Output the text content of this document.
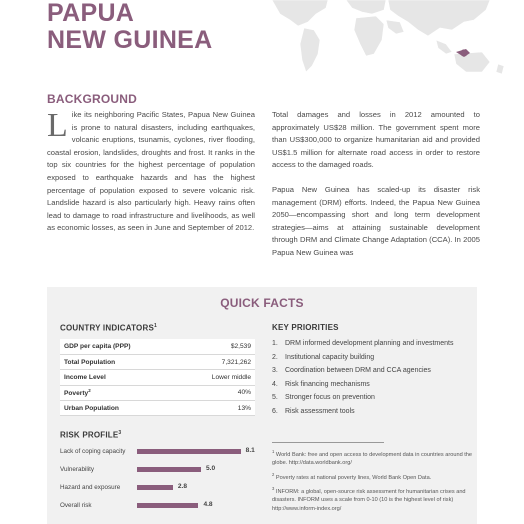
PAPUA
NEW GUINEA
BACKGROUND

Like its neighboring Pacific States, Papua New Guinea is prone to natural disasters, including earthquakes, volcanic eruptions, tsunamis, cyclones, river flooding, coastal erosion, landslides, droughts and frost. It ranks in the top six countries for the highest percentage of population exposed to earthquake hazards and has the highest percentage of population exposed to severe volcanic risk. Landslide hazard is also particularly high. Heavy rains often lead to damage to road infrastructure and livelihoods, as well as economic losses, as seen in June and September of 2012.

Total damages and losses in 2012 amounted to approximately US$28 million. The government spent more than US$300,000 to organize humanitarian aid and provided US$1.5 million for alternate road access in order to restore access to the damaged roads.

Papua New Guinea has scaled-up its disaster risk management (DRM) efforts. Indeed, the Papua New Guinea 2050—encompassing short and long term development strategies—aims at attaining sustainable development through DRM and Climate Change Adaptation (CCA). In 2005 Papua New Guinea was

QUICK FACTS
COUNTRY INDICATORS$^1$
GDP per capita (PPP)	$2,539
Total Population	7,321,262
Income Level	Lower middle
Poverty$^2$	40%
Urban Population	13%
KEY PRIORITIES
1. DRM informed development planning and investments
2. Institutional capacity building
3. Coordination between DRM and CCA agencies
4. Risk financing mechanisms
5. Stronger focus on prevention
6. Risk assessment tools
RISK PROFILE$^3$
Lack of coping capacity	8.1
Vulnerability	5.0
Hazard and exposure	2.8
Overall risk	4.8
$^1$ World Bank: free and open access to development data in countries around the globe. http://data.worldbank.org/
$^2$ Poverty rates at national poverty lines, World Bank Open Data.
$^3$ INFORM: a global, open-source risk assessment for humanitarian crises and disasters. INFORM uses a scale from 0-10 (10 is the highest level of risk) http://www.inform-index.org/
